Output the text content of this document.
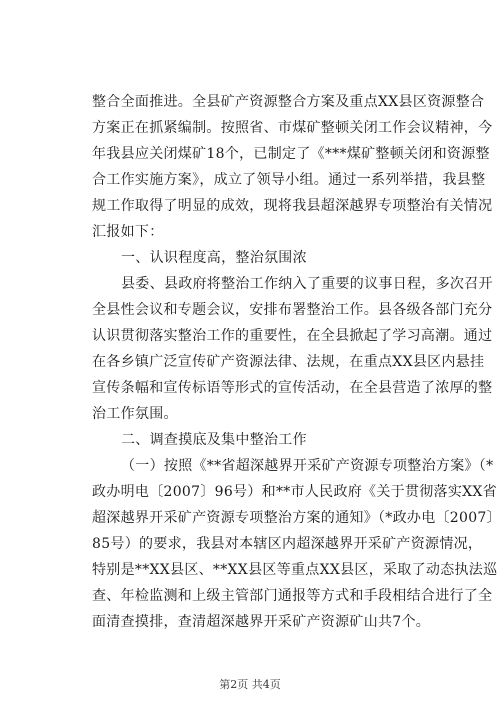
整合全面推进。全县矿产资源整合方案及重点XX县区资源整合
方案正在抓紧编制。按照省、市煤矿整顿关闭工作会议精神，今
年我县应关闭煤矿18个，已制定了《***煤矿整顿关闭和资源整
合工作实施方案》，成立了领导小组。通过一系列举措，我县整
规工作取得了明显的成效，现将我县超深越界专项整治有关情况
汇报如下：
一、认识程度高，整治氛围浓
县委、县政府将整治工作纳入了重要的议事日程，多次召开
全县性会议和专题会议，安排布署整治工作。县各级各部门充分
认识贯彻落实整治工作的重要性，在全县掀起了学习高潮。通过
在各乡镇广泛宣传矿产资源法律、法规，在重点XX县区内悬挂
宣传条幅和宣传标语等形式的宣传活动，在全县营造了浓厚的整
治工作氛围。
二、调查摸底及集中整治工作
（一）按照《**省超深越界开采矿产资源专项整治方案》（*
政办明电〔2007〕96号）和**市人民政府《关于贯彻落实XX省
超深越界开采矿产资源专项整治方案的通知》（*政办电〔2007〕
85号）的要求，我县对本辖区内超深越界开采矿产资源情况，
特别是**XX县区、**XX县区等重点XX县区，采取了动态执法巡
查、年检监测和上级主管部门通报等方式和手段相结合进行了全
面清查摸排，查清超深越界开采矿产资源矿山共7个。
第2页 共4页
